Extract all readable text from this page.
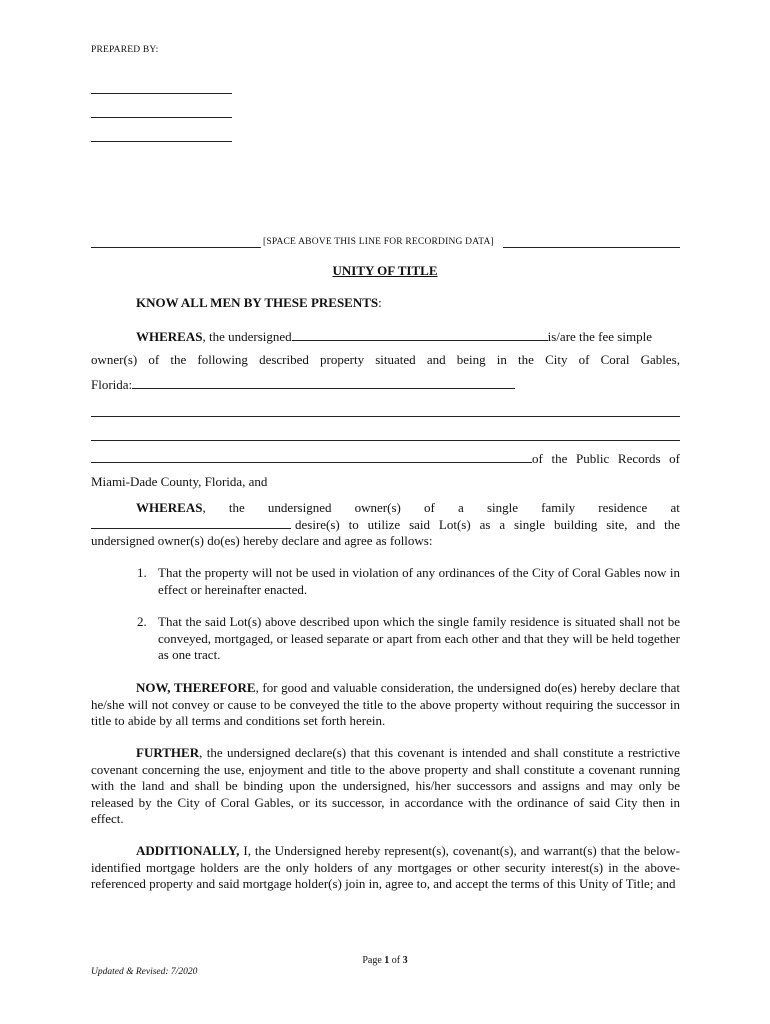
PREPARED BY:
[SPACE ABOVE THIS LINE FOR RECORDING DATA]
UNITY OF TITLE
KNOW ALL MEN BY THESE PRESENTS:
WHEREAS, the undersigned	is/are the fee simple
owner(s) of the following described property situated and being in the City of Coral Gables,
Florida:
of the Public Records of
Miami-Dade County, Florida, and
WHEREAS, the undersigned owner(s) of a single family residence at
desire(s) to utilize said Lot(s) as a single building site, and the
undersigned owner(s) do(es) hereby declare and agree as follows:
1. That the property will not be used in violation of any ordinances of the City of Coral Gables now in effect or hereinafter enacted.
2. That the said Lot(s) above described upon which the single family residence is situated shall not be conveyed, mortgaged, or leased separate or apart from each other and that they will be held together as one tract.
NOW, THEREFORE, for good and valuable consideration, the undersigned do(es) hereby declare that he/she will not convey or cause to be conveyed the title to the above property without requiring the successor in title to abide by all terms and conditions set forth herein.
FURTHER, the undersigned declare(s) that this covenant is intended and shall constitute a restrictive covenant concerning the use, enjoyment and title to the above property and shall constitute a covenant running with the land and shall be binding upon the undersigned, his/her successors and assigns and may only be released by the City of Coral Gables, or its successor, in accordance with the ordinance of said City then in effect.
ADDITIONALLY, I, the Undersigned hereby represent(s), covenant(s), and warrant(s) that the below-identified mortgage holders are the only holders of any mortgages or other security interest(s) in the above-referenced property and said mortgage holder(s) join in, agree to, and accept the terms of this Unity of Title; and
Page 1 of 3
Updated & Revised: 7/2020
